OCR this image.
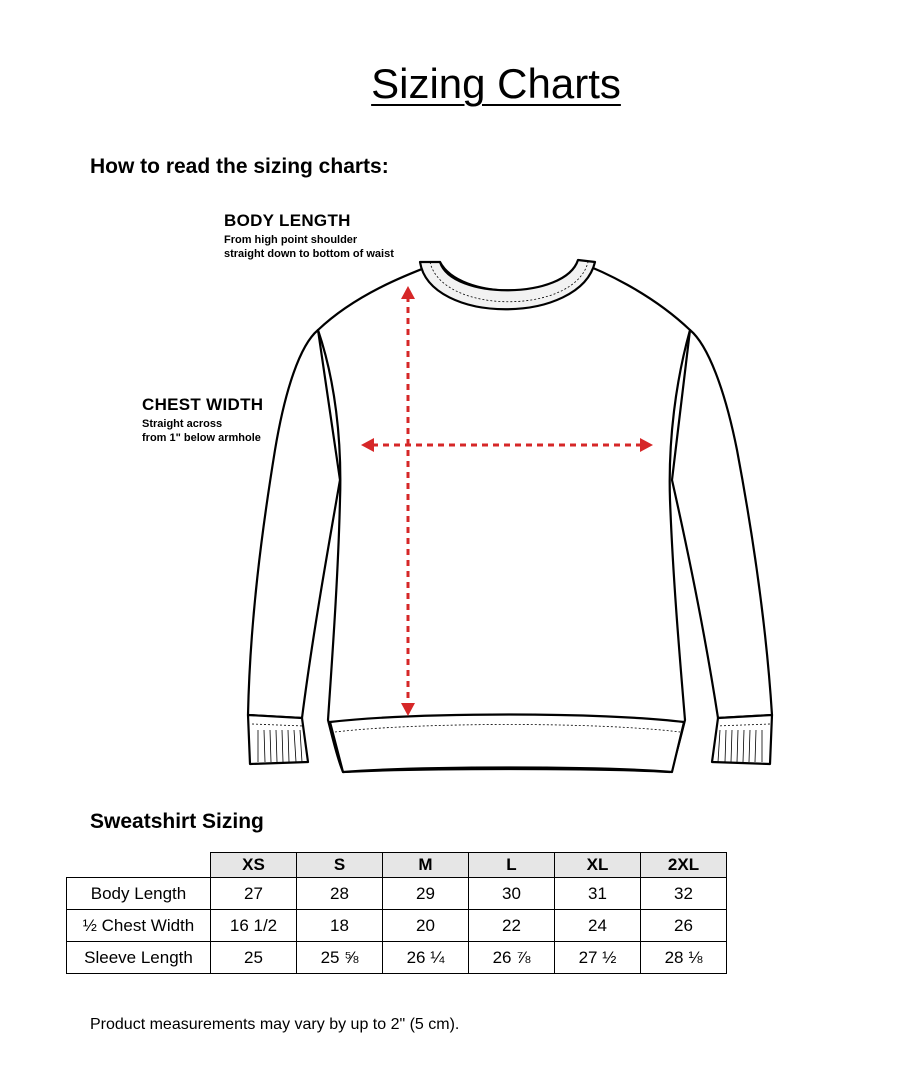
Sizing Charts
How to read the sizing charts:
BODY LENGTH
From high point shoulder
straight down to bottom of waist
CHEST WIDTH
Straight across
from 1" below armhole
Sweatshirt Sizing
	XS	S	M	L	XL	2XL
Body Length	27	28	29	30	31	32
½ Chest Width	16 1/2	18	20	22	24	26
Sleeve Length	25	25 ⅝	26 ¼	26 ⅞	27 ½	28 ⅛
Product measurements may vary by up to 2" (5 cm).
